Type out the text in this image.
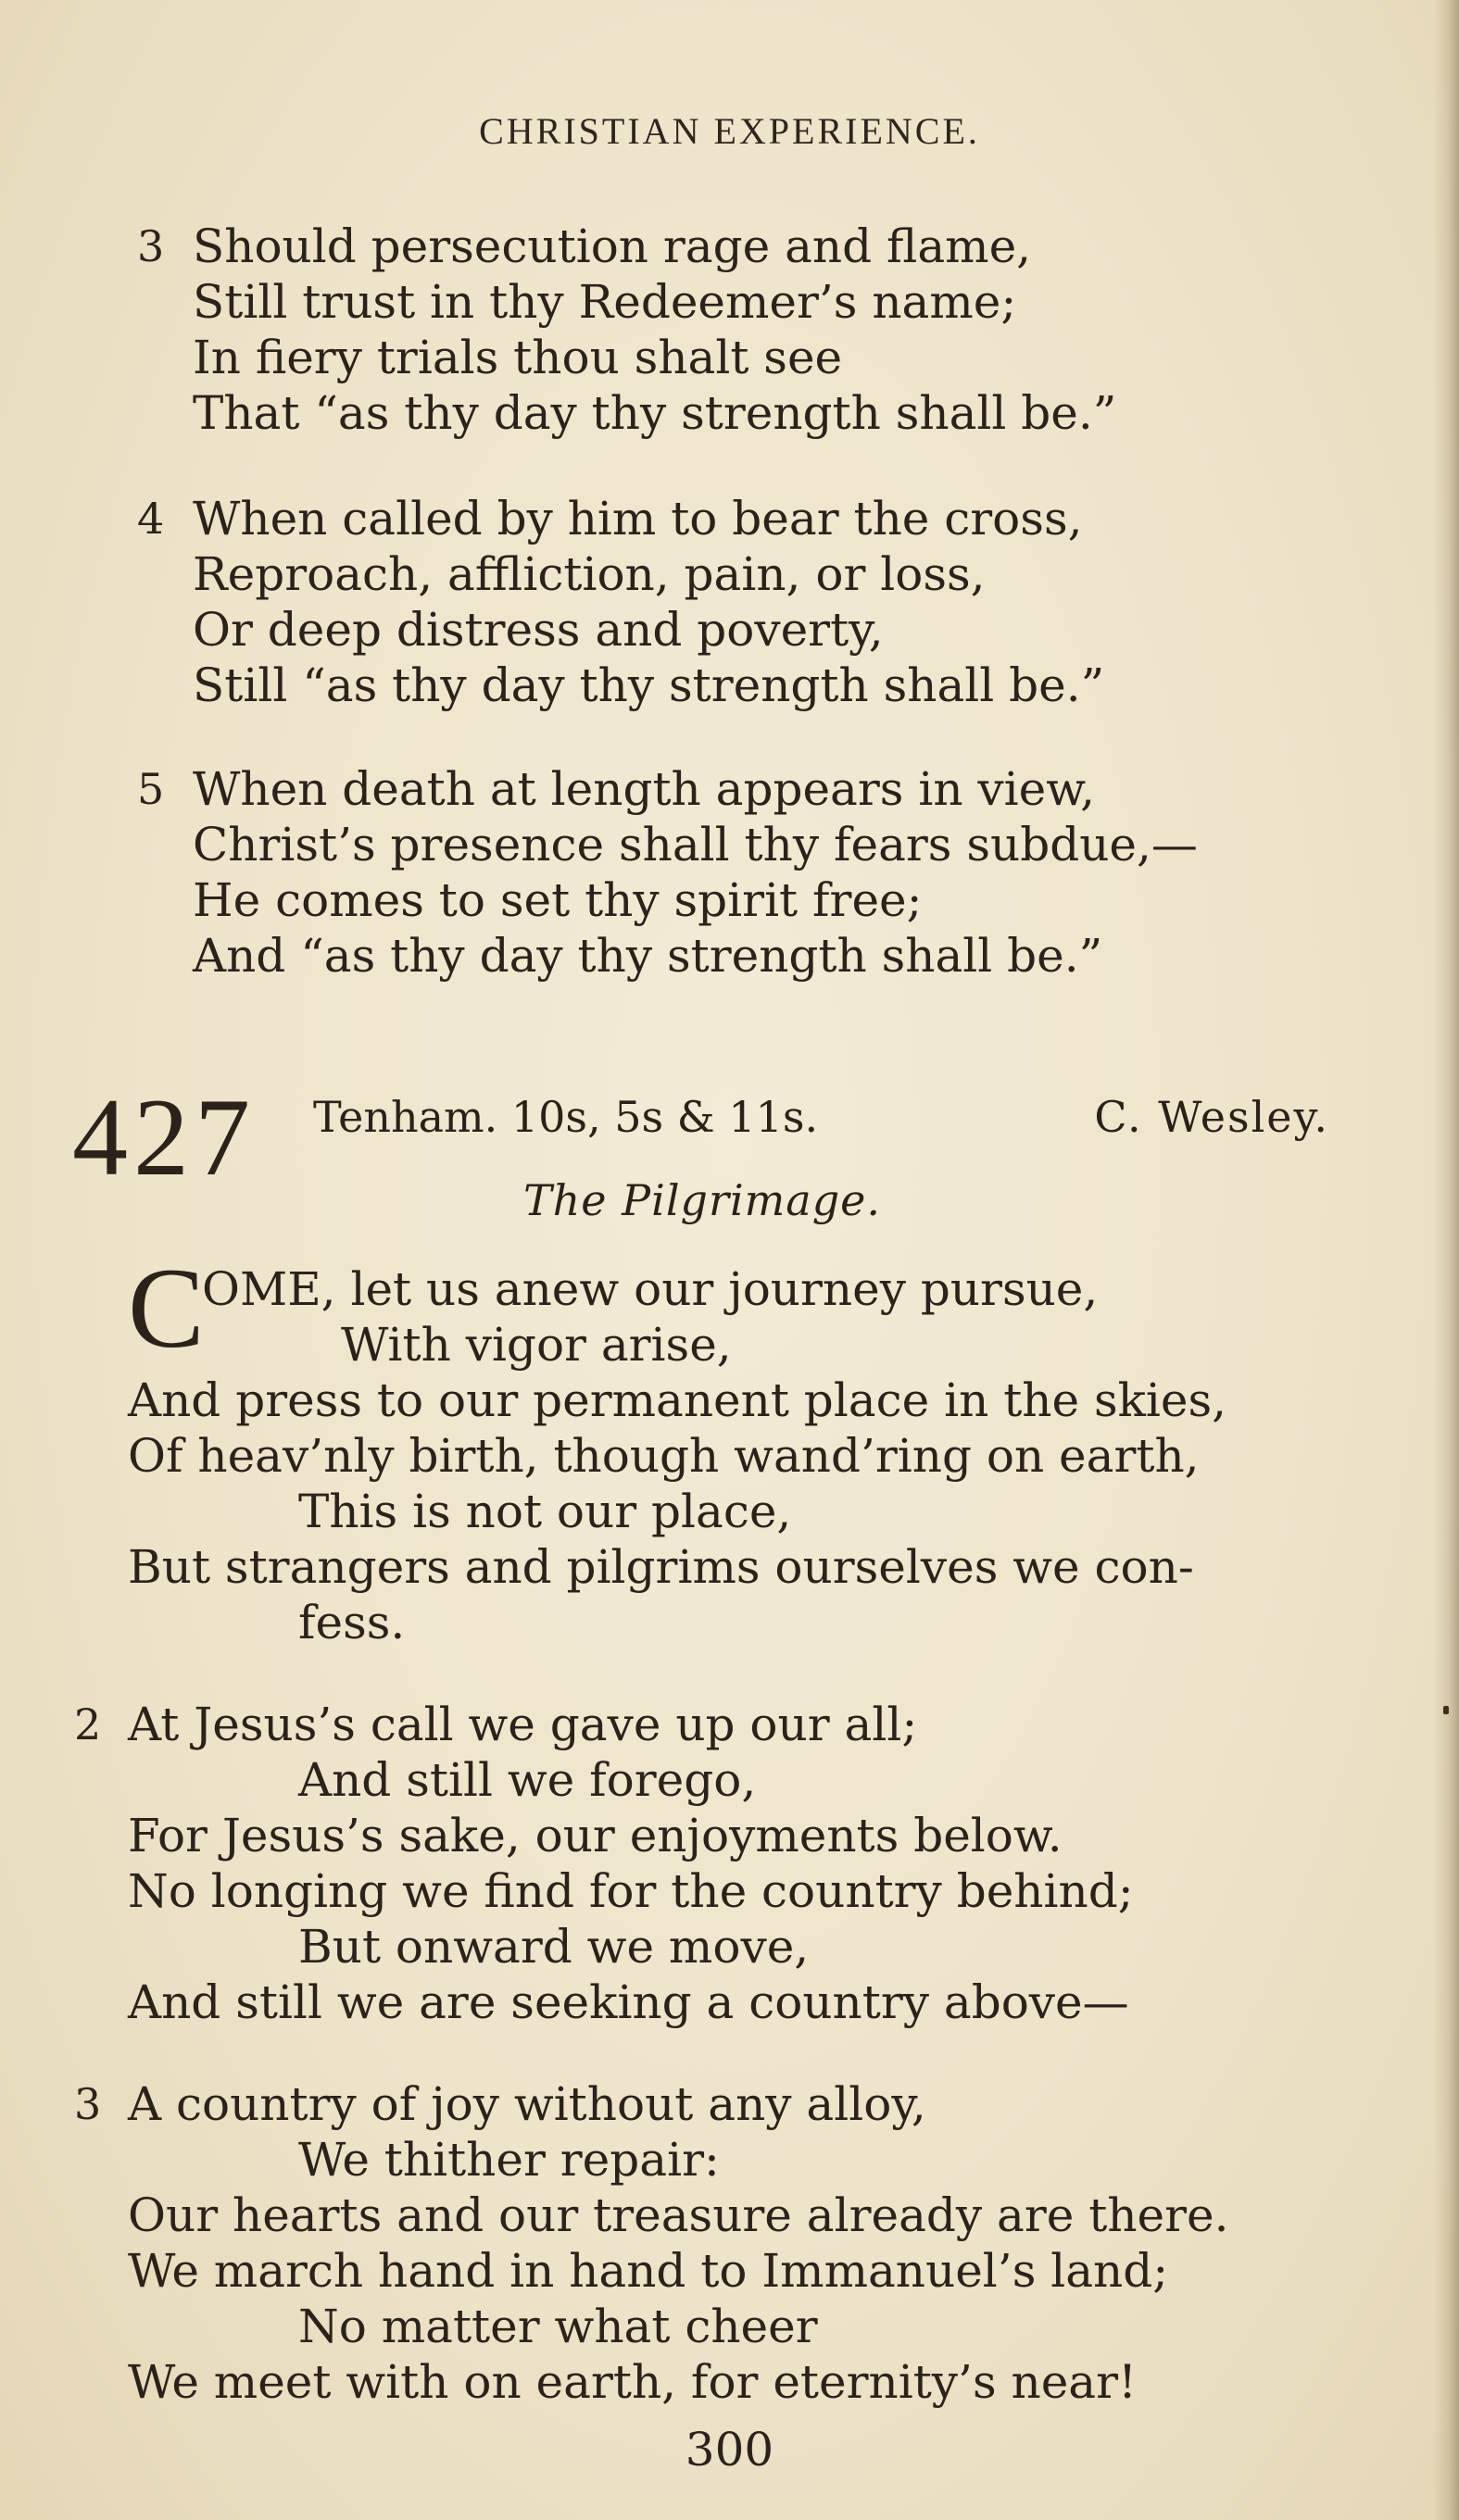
CHRISTIAN EXPERIENCE.
3 Should persecution rage and flame,
Still trust in thy Redeemer’s name;
In fiery trials thou shalt see
That “as thy day thy strength shall be.”
4 When called by him to bear the cross,
Reproach, affliction, pain, or loss,
Or deep distress and poverty,
Still “as thy day thy strength shall be.”
5 When death at length appears in view,
Christ’s presence shall thy fears subdue,—
He comes to set thy spirit free;
And “as thy day thy strength shall be.”
427 Tenham. 10s, 5s & 11s.	C. Wesley.
The Pilgrimage.
C
OME, let us anew our journey pursue,
With vigor arise,
And press to our permanent place in the skies,
Of heav’nly birth, though wand’ring on earth,
This is not our place,
But strangers and pilgrims ourselves we con-
fess.
2 At Jesus’s call we gave up our all;
And still we forego,
For Jesus’s sake, our enjoyments below.
No longing we find for the country behind;
But onward we move,
And still we are seeking a country above—
3 A country of joy without any alloy,
We thither repair:
Our hearts and our treasure already are there.
We march hand in hand to Immanuel’s land;
No matter what cheer
We meet with on earth, for eternity’s near!
300
